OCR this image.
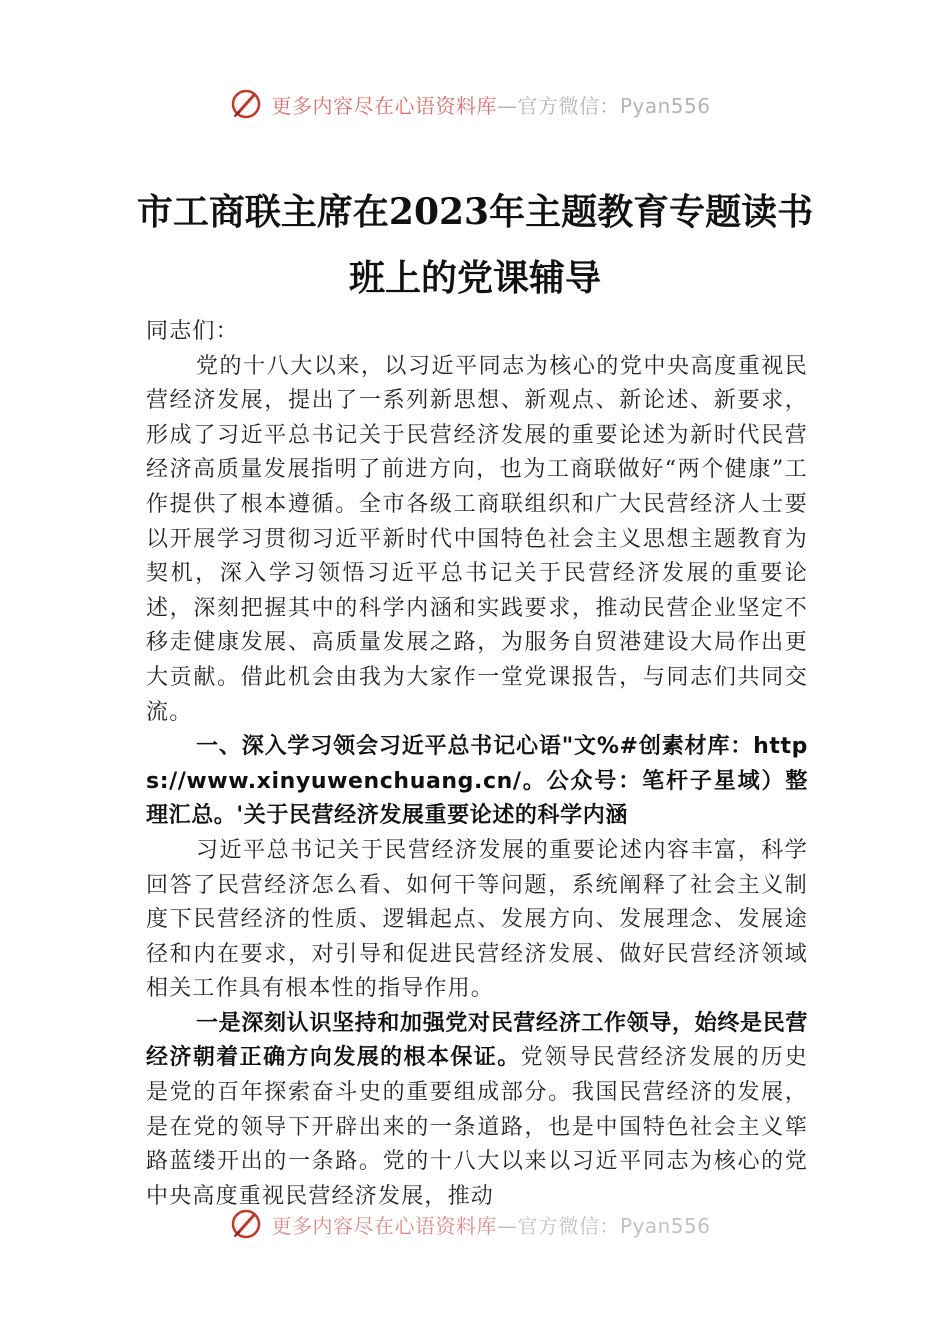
更多内容尽在心语资料库—官方微信：Pyan556
市工商联主席在2023年主题教育专题读书
班上的党课辅导

同志们：

党的十八大以来，以习近平同志为核心的党中央高度重视民营经济发展，提出了一系列新思想、新观点、新论述、新要求，形成了习近平总书记关于民营经济发展的重要论述为新时代民营经济高质量发展指明了前进方向，也为工商联做好“两个健康”工作提供了根本遵循。全市各级工商联组织和广大民营经济人士要以开展学习贯彻习近平新时代中国特色社会主义思想主题教育为契机，深入学习领悟习近平总书记关于民营经济发展的重要论述，深刻把握其中的科学内涵和实践要求，推动民营企业坚定不移走健康发展、高质量发展之路，为服务自贸港建设大局作出更大贡献。借此机会由我为大家作一堂党课报告，与同志们共同交流。

一、深入学习领会习近平总书记心语"文%#创素材库：https://www.xinyuwenchuang.cn/。公众号：笔杆子星域）整理汇总。'关于民营经济发展重要论述的科学内涵

习近平总书记关于民营经济发展的重要论述内容丰富，科学回答了民营经济怎么看、如何干等问题，系统阐释了社会主义制度下民营经济的性质、逻辑起点、发展方向、发展理念、发展途径和内在要求，对引导和促进民营经济发展、做好民营经济领域相关工作具有根本性的指导作用。

一是深刻认识坚持和加强党对民营经济工作领导，始终是民营经济朝着正确方向发展的根本保证。党领导民营经济发展的历史是党的百年探索奋斗史的重要组成部分。我国民营经济的发展，是在党的领导下开辟出来的一条道路，也是中国特色社会主义筚路蓝缕开出的一条路。党的十八大以来以习近平同志为核心的党中央高度重视民营经济发展，推动

更多内容尽在心语资料库—官方微信：Pyan556
